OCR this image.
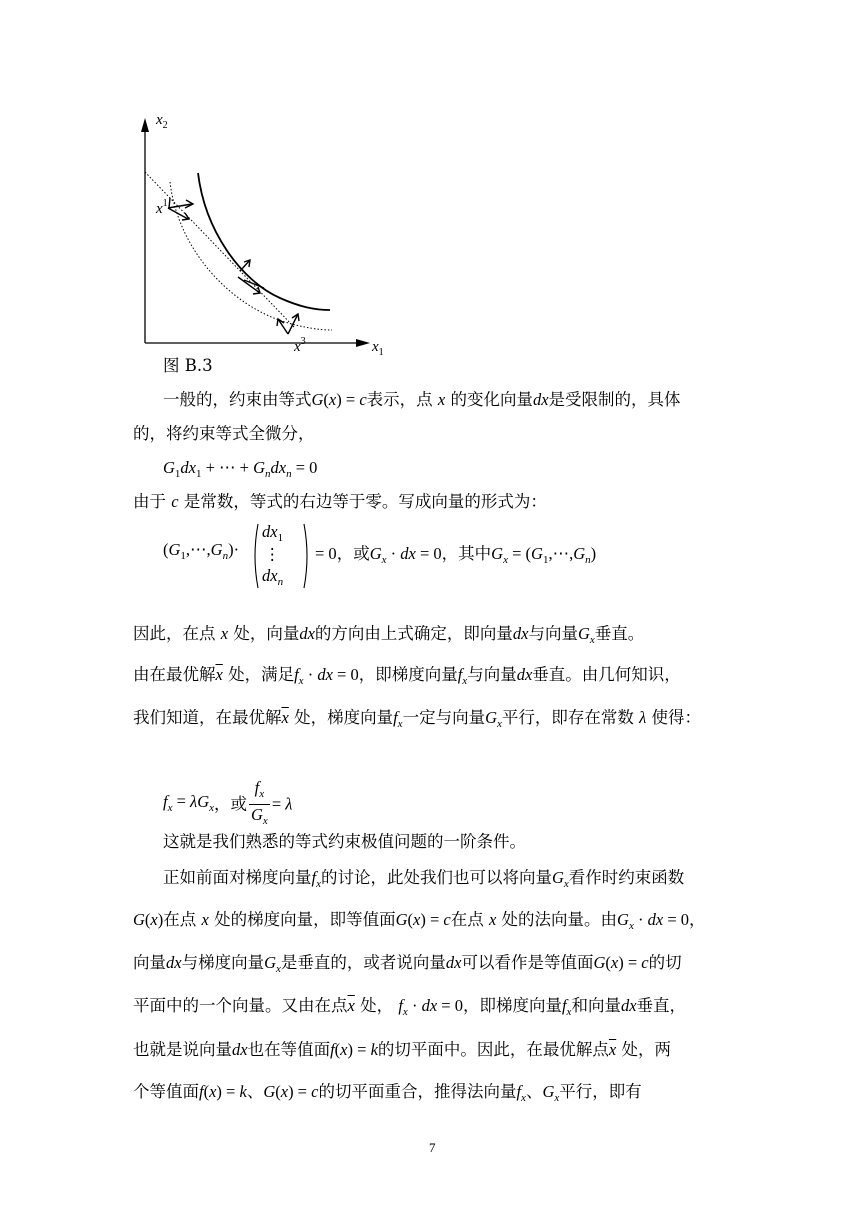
$x_2$
$x_1$
$x^1$
$x^3$
图 B.3
一般的，约束由等式G(x) = c表示，点 x 的变化向量dx是受限制的，具体
的，将约束等式全微分，
$G_1dx_1$ + ⋯ + $G_ndx_n = 0$
由于 c 是常数，等式的右边等于零。写成向量的形式为：
$(G_1,\cdots,G_n)\cdot$
$dx_1$
⋮
$dx_n$
= 0，或$G_x$ · dx = 0，其中$G_x$ = $(G_1,\cdots,G_n)$
因此，在点 x 处，向量dx的方向由上式确定，即向量dx与向量$G_x$垂直。
由在最优解$\overline{x}$ 处，满足$f_x$ · dx = 0，即梯度向量$f_x$与向量dx垂直。由几何知识，
我们知道，在最优解$\overline{x}$ 处，梯度向量$f_x$一定与向量$G_x$平行，即存在常数 λ 使得：
$f_x = \lambda G_x$，或 $\frac{f_x}{G_x} = \lambda$
这就是我们熟悉的等式约束极值问题的一阶条件。
正如前面对梯度向量$f_x$的讨论，此处我们也可以将向量$G_x$看作时约束函数
G(x)在点 x 处的梯度向量，即等值面G(x) = c在点 x 处的法向量。由$G_x$ · dx = 0，
向量dx与梯度向量$G_x$是垂直的，或者说向量dx可以看作是等值面G(x) = c的切
平面中的一个向量。又由在点$\overline{x}$ 处， $f_x$ · dx = 0，即梯度向量$f_x$和向量dx垂直，
也就是说向量dx也在等值面f(x) = k的切平面中。因此，在最优解点$\overline{x}$ 处，两
个等值面f(x) = k、G(x) = c的切平面重合，推得法向量$f_x$、$G_x$平行，即有
7
